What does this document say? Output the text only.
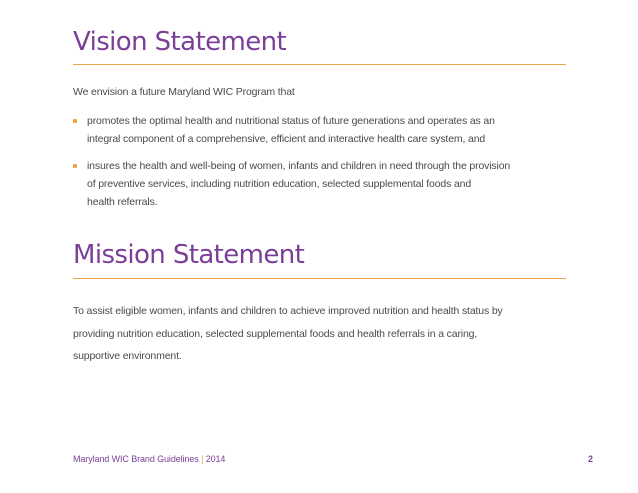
Vision Statement

We envision a future Maryland WIC Program that

promotes the optimal health and nutritional status of future generations and operates as an
integral component of a comprehensive, efficient and interactive health care system, and
insures the health and well-being of women, infants and children in need through the provision
of preventive services, including nutrition education, selected supplemental foods and
health referrals.
Mission Statement

To assist eligible women, infants and children to achieve improved nutrition and health status by
providing nutrition education, selected supplemental foods and health referrals in a caring,
supportive environment.

Maryland WIC Brand Guidelines | 2014	2
